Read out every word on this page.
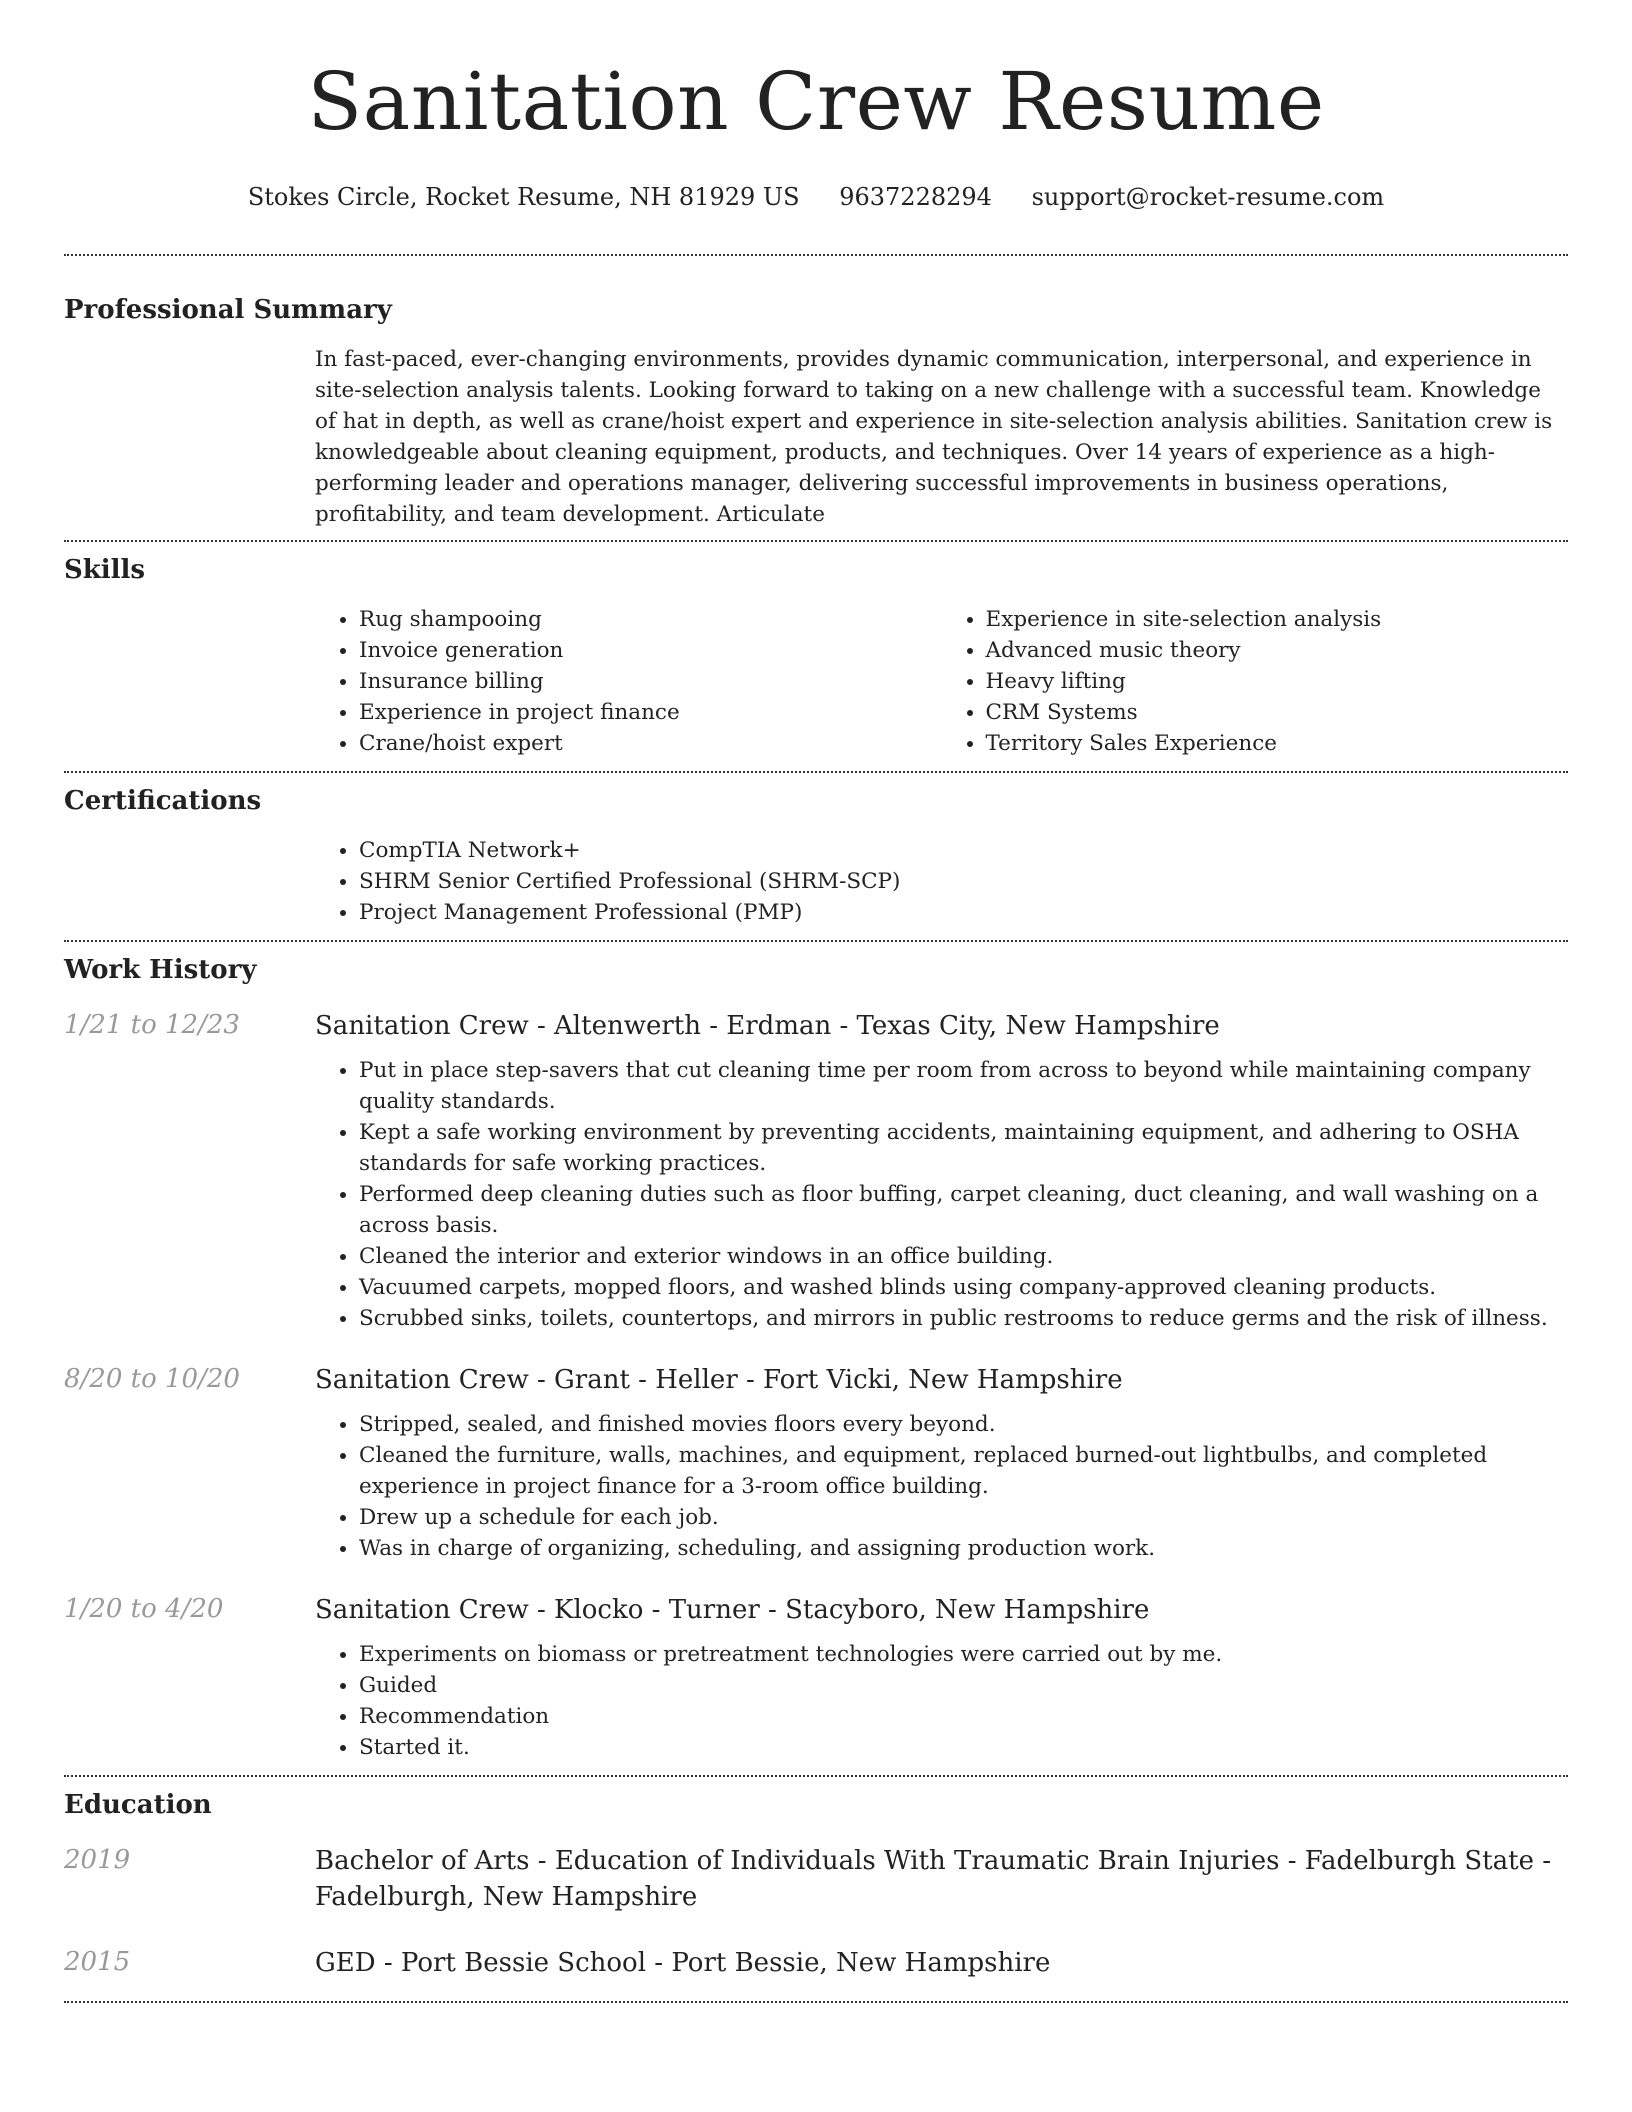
Sanitation Crew Resume
Stokes Circle, Rocket Resume, NH 81929 US 9637228294 support@rocket-resume.com
Professional Summary

In fast-paced, ever-changing environments, provides dynamic communication, interpersonal, and experience in site-selection analysis talents. Looking forward to taking on a new challenge with a successful team. Knowledge of hat in depth, as well as crane/hoist expert and experience in site-selection analysis abilities. Sanitation crew is knowledgeable about cleaning equipment, products, and techniques. Over 14 years of experience as a high-performing leader and operations manager, delivering successful improvements in business operations, profitability, and team development. Articulate

Skills
• Rug shampooing
• Invoice generation
• Insurance billing
• Experience in project finance
• Crane/hoist expert
• Experience in site-selection analysis
• Advanced music theory
• Heavy lifting
• CRM Systems
• Territory Sales Experience
Certifications
• CompTIA Network+
• SHRM Senior Certified Professional (SHRM-SCP)
• Project Management Professional (PMP)
Work History
1/21 to 12/23	Sanitation Crew - Altenwerth - Erdman - Texas City, New Hampshire
• Put in place step-savers that cut cleaning time per room from across to beyond while maintaining company quality standards.
• Kept a safe working environment by preventing accidents, maintaining equipment, and adhering to OSHA standards for safe working practices.
• Performed deep cleaning duties such as floor buffing, carpet cleaning, duct cleaning, and wall washing on a across basis.
• Cleaned the interior and exterior windows in an office building.
• Vacuumed carpets, mopped floors, and washed blinds using company-approved cleaning products.
• Scrubbed sinks, toilets, countertops, and mirrors in public restrooms to reduce germs and the risk of illness.
8/20 to 10/20	Sanitation Crew - Grant - Heller - Fort Vicki, New Hampshire
• Stripped, sealed, and finished movies floors every beyond.
• Cleaned the furniture, walls, machines, and equipment, replaced burned-out lightbulbs, and completed experience in project finance for a 3-room office building.
• Drew up a schedule for each job.
• Was in charge of organizing, scheduling, and assigning production work.
1/20 to 4/20	Sanitation Crew - Klocko - Turner - Stacyboro, New Hampshire
• Experiments on biomass or pretreatment technologies were carried out by me.
• Guided
• Recommendation
• Started it.
Education
2019	Bachelor of Arts - Education of Individuals With Traumatic Brain Injuries - Fadelburgh State - Fadelburgh, New Hampshire
2015	GED - Port Bessie School - Port Bessie, New Hampshire
